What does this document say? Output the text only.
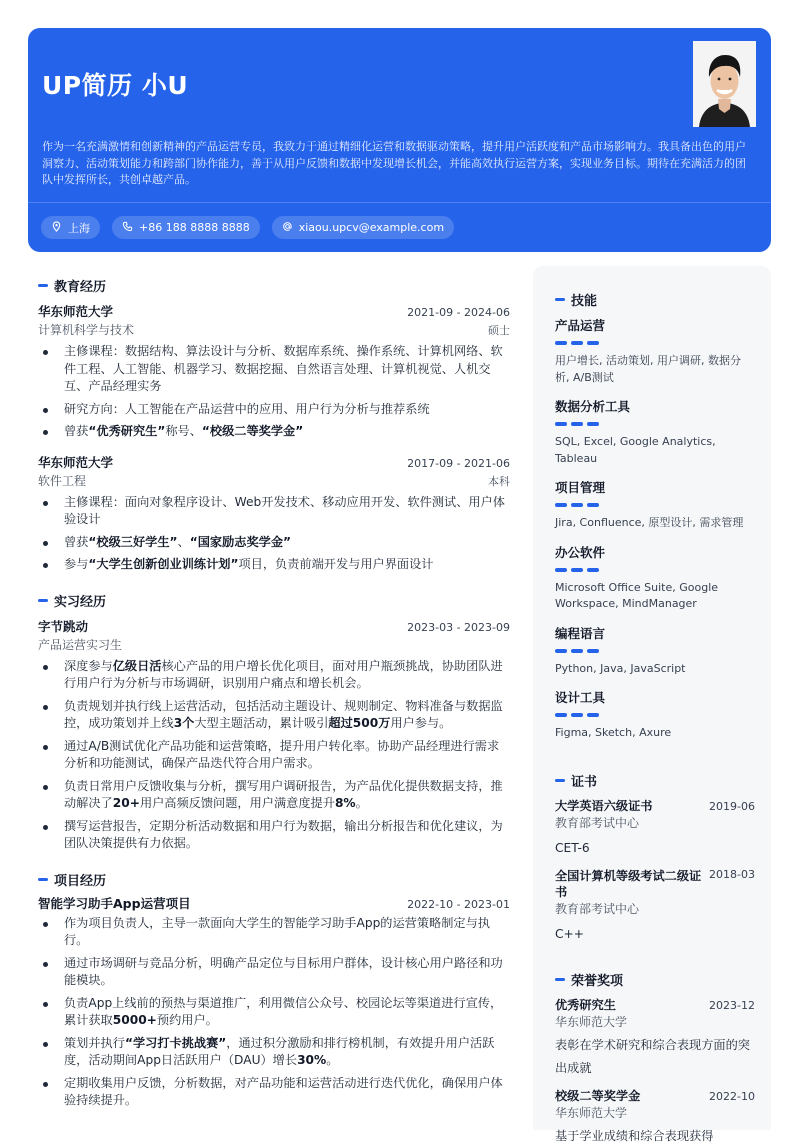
UP简历 小U

作为一名充满激情和创新精神的产品运营专员，我致力于通过精细化运营和数据驱动策略，提升用户活跃度和产品市场影响力。我具备出色的用户洞察力、活动策划能力和跨部门协作能力，善于从用户反馈和数据中发现增长机会，并能高效执行运营方案，实现业务目标。期待在充满活力的团队中发挥所长，共创卓越产品。

上海	+86 188 8888 8888	xiaou.upcv@example.com
教育经历
华东师范大学	2021-09 - 2024-06
计算机科学与技术	硕士
主修课程：数据结构、算法设计与分析、数据库系统、操作系统、计算机网络、软件工程、人工智能、机器学习、数据挖掘、自然语言处理、计算机视觉、人机交互、产品经理实务
研究方向：人工智能在产品运营中的应用、用户行为分析与推荐系统
曾获“优秀研究生”称号、“校级二等奖学金”
华东师范大学	2017-09 - 2021-06
软件工程	本科
主修课程：面向对象程序设计、Web开发技术、移动应用开发、软件测试、用户体验设计
曾获“校级三好学生”、“国家励志奖学金”
参与“大学生创新创业训练计划”项目，负责前端开发与用户界面设计
实习经历
字节跳动	2023-03 - 2023-09
产品运营实习生
深度参与亿级日活核心产品的用户增长优化项目，面对用户瓶颈挑战，协助团队进行用户行为分析与市场调研，识别用户痛点和增长机会。
负责规划并执行线上运营活动，包括活动主题设计、规则制定、物料准备与数据监控，成功策划并上线3个大型主题活动，累计吸引超过500万用户参与。
通过A/B测试优化产品功能和运营策略，提升用户转化率。协助产品经理进行需求分析和功能测试，确保产品迭代符合用户需求。
负责日常用户反馈收集与分析，撰写用户调研报告，为产品优化提供数据支持，推动解决了20+用户高频反馈问题，用户满意度提升8%。
撰写运营报告，定期分析活动数据和用户行为数据，输出分析报告和优化建议，为团队决策提供有力依据。
项目经历
智能学习助手App运营项目	2022-10 - 2023-01
作为项目负责人，主导一款面向大学生的智能学习助手App的运营策略制定与执行。
通过市场调研与竞品分析，明确产品定位与目标用户群体，设计核心用户路径和功能模块。
负责App上线前的预热与渠道推广，利用微信公众号、校园论坛等渠道进行宣传，累计获取5000+预约用户。
策划并执行“学习打卡挑战赛”，通过积分激励和排行榜机制，有效提升用户活跃度，活动期间App日活跃用户（DAU）增长30%。
定期收集用户反馈，分析数据，对产品功能和运营活动进行迭代优化，确保用户体验持续提升。
技能
产品运营
用户增长, 活动策划, 用户调研, 数据分析, A/B测试
数据分析工具
SQL, Excel, Google Analytics, Tableau
项目管理
Jira, Confluence, 原型设计, 需求管理
办公软件
Microsoft Office Suite, Google Workspace, MindManager
编程语言
Python, Java, JavaScript
设计工具
Figma, Sketch, Axure
证书
大学英语六级证书	2019-06
教育部考试中心
CET-6
全国计算机等级考试二级证书
2018-03
教育部考试中心
C++
荣誉奖项
优秀研究生	2023-12
华东师范大学
表彰在学术研究和综合表现方面的突出成就
校级二等奖学金	2022-10
华东师范大学
基于学业成绩和综合表现获得
